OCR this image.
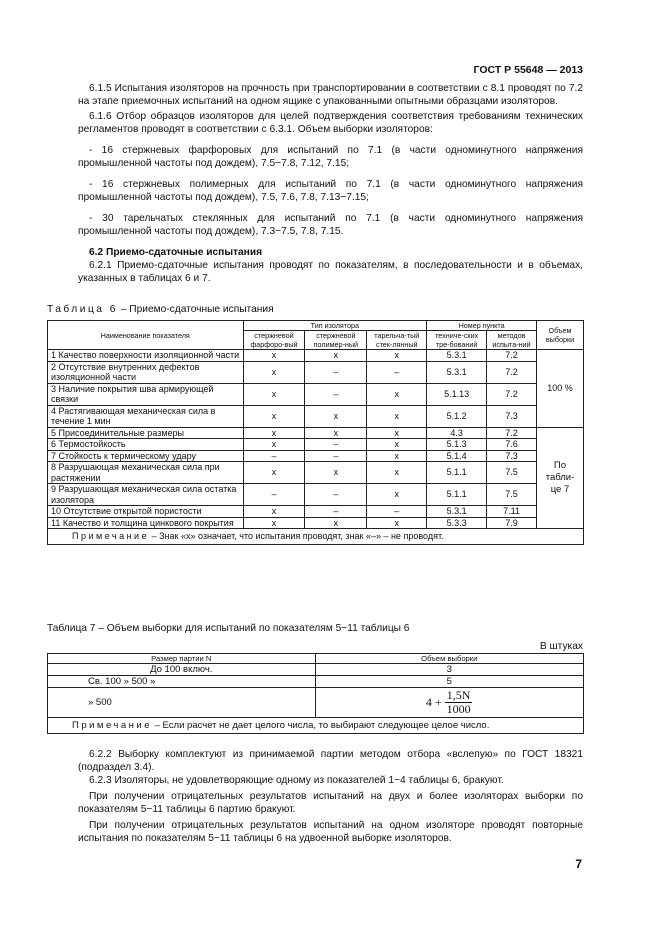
ГОСТ Р 55648 — 2013

6.1.5 Испытания изоляторов на прочность при транспортировании в соответствии с 8.1 проводят по 7.2 на этапе приемочных испытаний на одном ящике с упакованными опытными образцами изоляторов.

6.1.6 Отбор образцов изоляторов для целей подтверждения соответствия требованиям технических регламентов проводят в соответствии с 6.3.1. Объем выборки изоляторов:

- 16 стержневых фарфоровых для испытаний по 7.1 (в части одноминутного напряжения промышленной частоты под дождем), 7.5−7.8, 7.12, 7.15;

- 16 стержневых полимерных для испытаний по 7.1 (в части одноминутного напряжения промышленной частоты под дождем), 7.5, 7.6, 7.8, 7.13−7.15;

- 30 тарельчатых стеклянных для испытаний по 7.1 (в части одноминутного напряжения промышленной частоты под дождем), 7.3−7.5, 7.8, 7.15.

6.2 Приемо-сдаточные испытания

6.2.1 Приемо-сдаточные испытания проводят по показателям, в последовательности и в объемах, указанных в таблицах 6 и 7.

Таблица 6 – Приемо-сдаточные испытания
Наименование показателя	Тип изолятора			Номер пункта		Объем выборки
	стержневой фарфоро-вый	стержневой полимер-ный	тарельча-тый стек-лянный	техниче-ских тре-бований	методов испыта-ний	
1 Качество поверхности изоляционной части	x	x	x	5.3.1	7.2	100 %
2 Отсутствие внутренних дефектов изоляционной части	x	–	–	5.3.1	7.2	
3 Наличие покрытия шва армирующей связки	x	–	x	5.1.13	7.2	
4 Растягивающая механическая сила в течение 1 мин	x	x	x	5.1.2	7.3	
5 Присоединительные размеры	x	x	x	4.3	7.2	По табли-це 7
6 Термостойкость	x	–	x	5.1.3	7.6	
7 Стойкость к термическому удару	–	–	x	5.1.4	7.3	
8 Разрушающая механическая сила при растяжении	x	x	x	5.1.1	7.5	
9 Разрушающая механическая сила остатка изолятора	–	–	x	5.1.1	7.5	
10 Отсутствие открытой пористости	x	–	–	5.3.1	7.11	
11 Качество и толщина цинкового покрытия	x	x	x	5.3.3	7.9	
Примечание – Знак «x» означает, что испытания проводят, знак «–» – не проводят.						
Таблица 7 – Объем выборки для испытаний по показателям 5−11 таблицы 6
В штуках
Размер партии N	Объем выборки
До 100 включ.	3
Св. 100 » 500 »	5
» 500	$4 + \frac{1,5N}{1000}$

Примечание – Если расчет не дает целого числа, то выбирают следующее целое число.	

6.2.2 Выборку комплектуют из принимаемой партии методом отбора «вслепую» по ГОСТ 18321 (подраздел 3.4).

6.2.3 Изоляторы, не удовлетворяющие одному из показателей 1−4 таблицы 6, бракуют.

При получении отрицательных результатов испытаний на двух и более изоляторах выборки по показателям 5−11 таблицы 6 партию бракуют.

При получении отрицательных результатов испытаний на одном изоляторе проводят повторные испытания по показателям 5−11 таблицы 6 на удвоенной выборке изоляторов.

7
